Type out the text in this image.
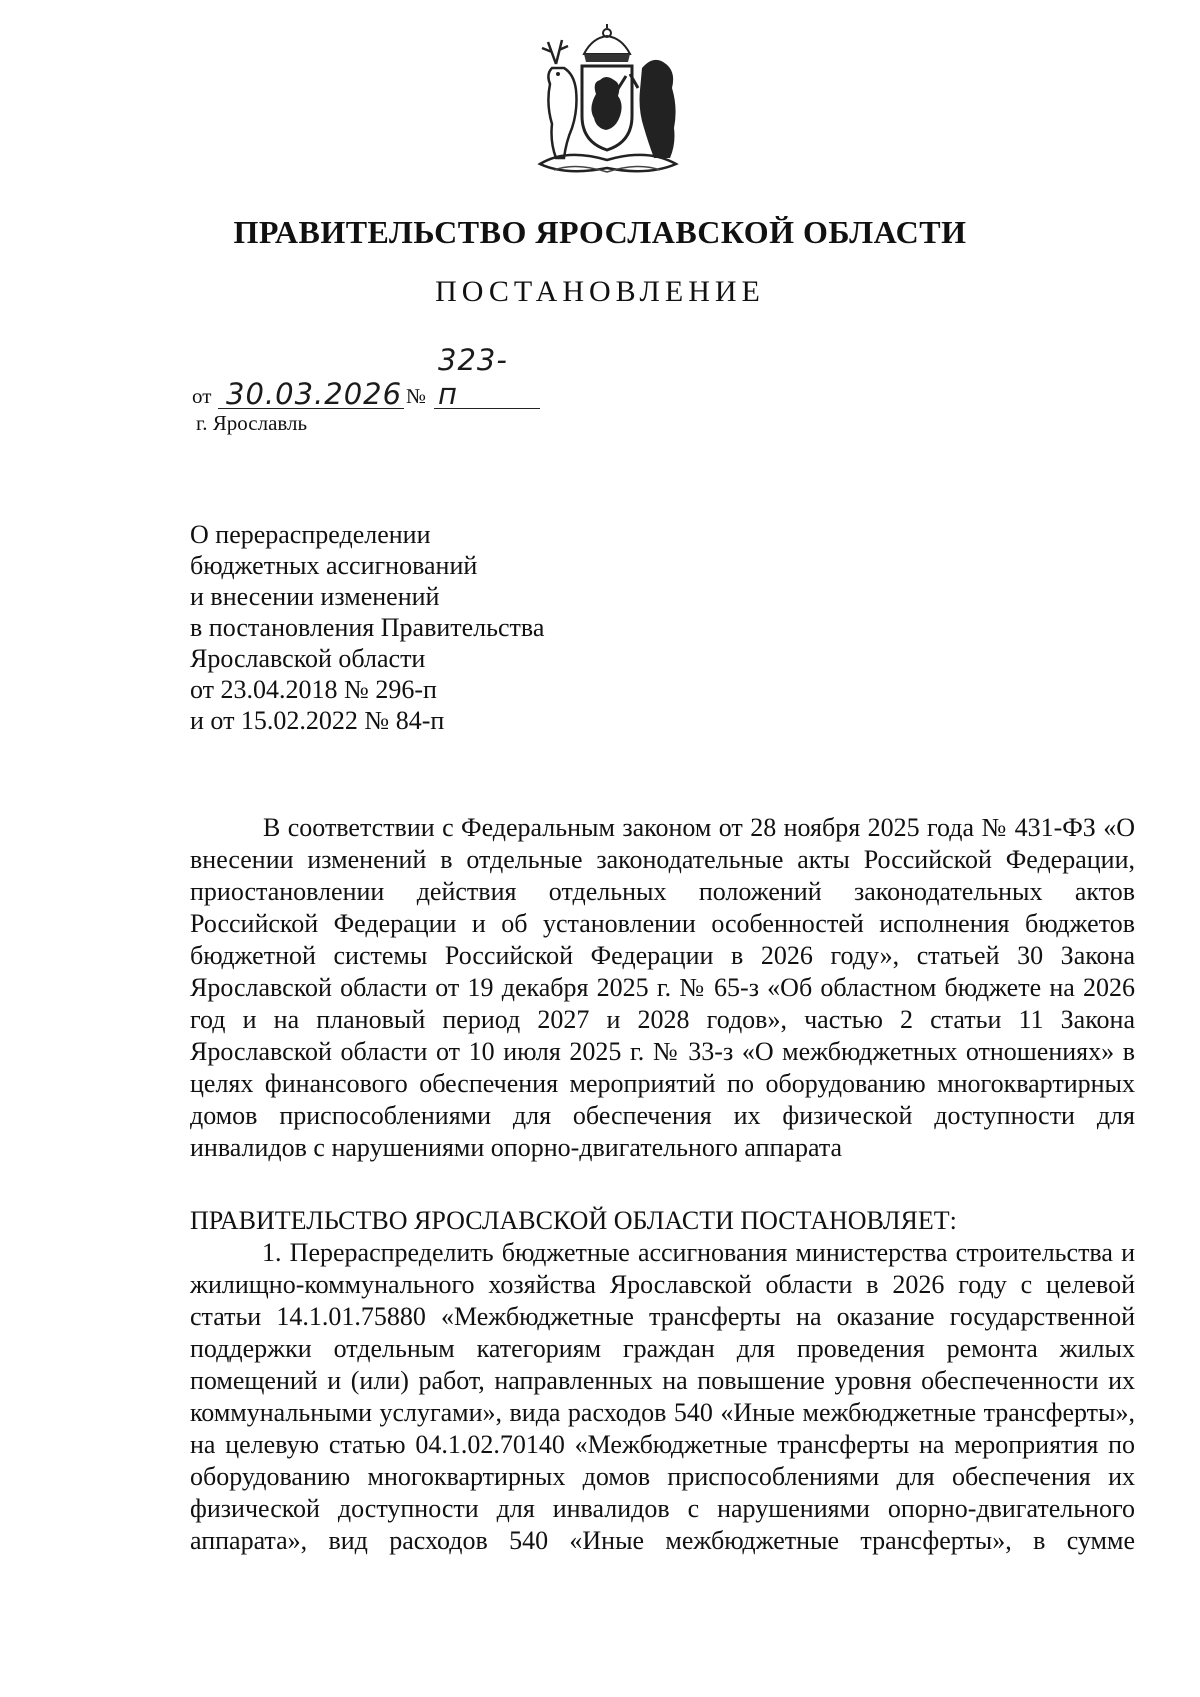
ПРАВИТЕЛЬСТВО ЯРОСЛАВСКОЙ ОБЛАСТИ
ПОСТАНОВЛЕНИЕ
от 30.03.2026 №
323-п
г. Ярославль
О перераспределении
бюджетных ассигнований
и внесении изменений
в постановления Правительства
Ярославской области
от 23.04.2018 № 296-п
и от 15.02.2022 № 84-п
В соответствии с Федеральным законом от 28 ноября 2025 года № 431-ФЗ «О внесении изменений в отдельные законодательные акты Российской Федерации, приостановлении действия отдельных положений законодательных актов Российской Федерации и об установлении особенностей исполнения бюджетов бюджетной системы Российской Федерации в 2026 году», статьей 30 Закона Ярославской области от 19 декабря 2025 г. № 65-з «Об областном бюджете на 2026 год и на плановый период 2027 и 2028 годов», частью 2 статьи 11 Закона Ярославской области от 10 июля 2025 г. № 33-з «О межбюджетных отношениях» в целях финансового обеспечения мероприятий по оборудованию многоквартирных домов приспособлениями для обеспечения их физической доступности для инвалидов с нарушениями опорно-двигательного аппарата
ПРАВИТЕЛЬСТВО ЯРОСЛАВСКОЙ ОБЛАСТИ ПОСТАНОВЛЯЕТ:
1. Перераспределить бюджетные ассигнования министерства строительства и жилищно-коммунального хозяйства Ярославской области в 2026 году с целевой статьи 14.1.01.75880 «Межбюджетные трансферты на оказание государственной поддержки отдельным категориям граждан для проведения ремонта жилых помещений и (или) работ, направленных на повышение уровня обеспеченности их коммунальными услугами», вида расходов 540 «Иные межбюджетные трансферты», на целевую статью 04.1.02.70140 «Межбюджетные трансферты на мероприятия по оборудованию многоквартирных домов приспособлениями для обеспечения их физической доступности для инвалидов с нарушениями опорно-двигательного аппарата», вид расходов 540 «Иные межбюджетные трансферты», в сумме
